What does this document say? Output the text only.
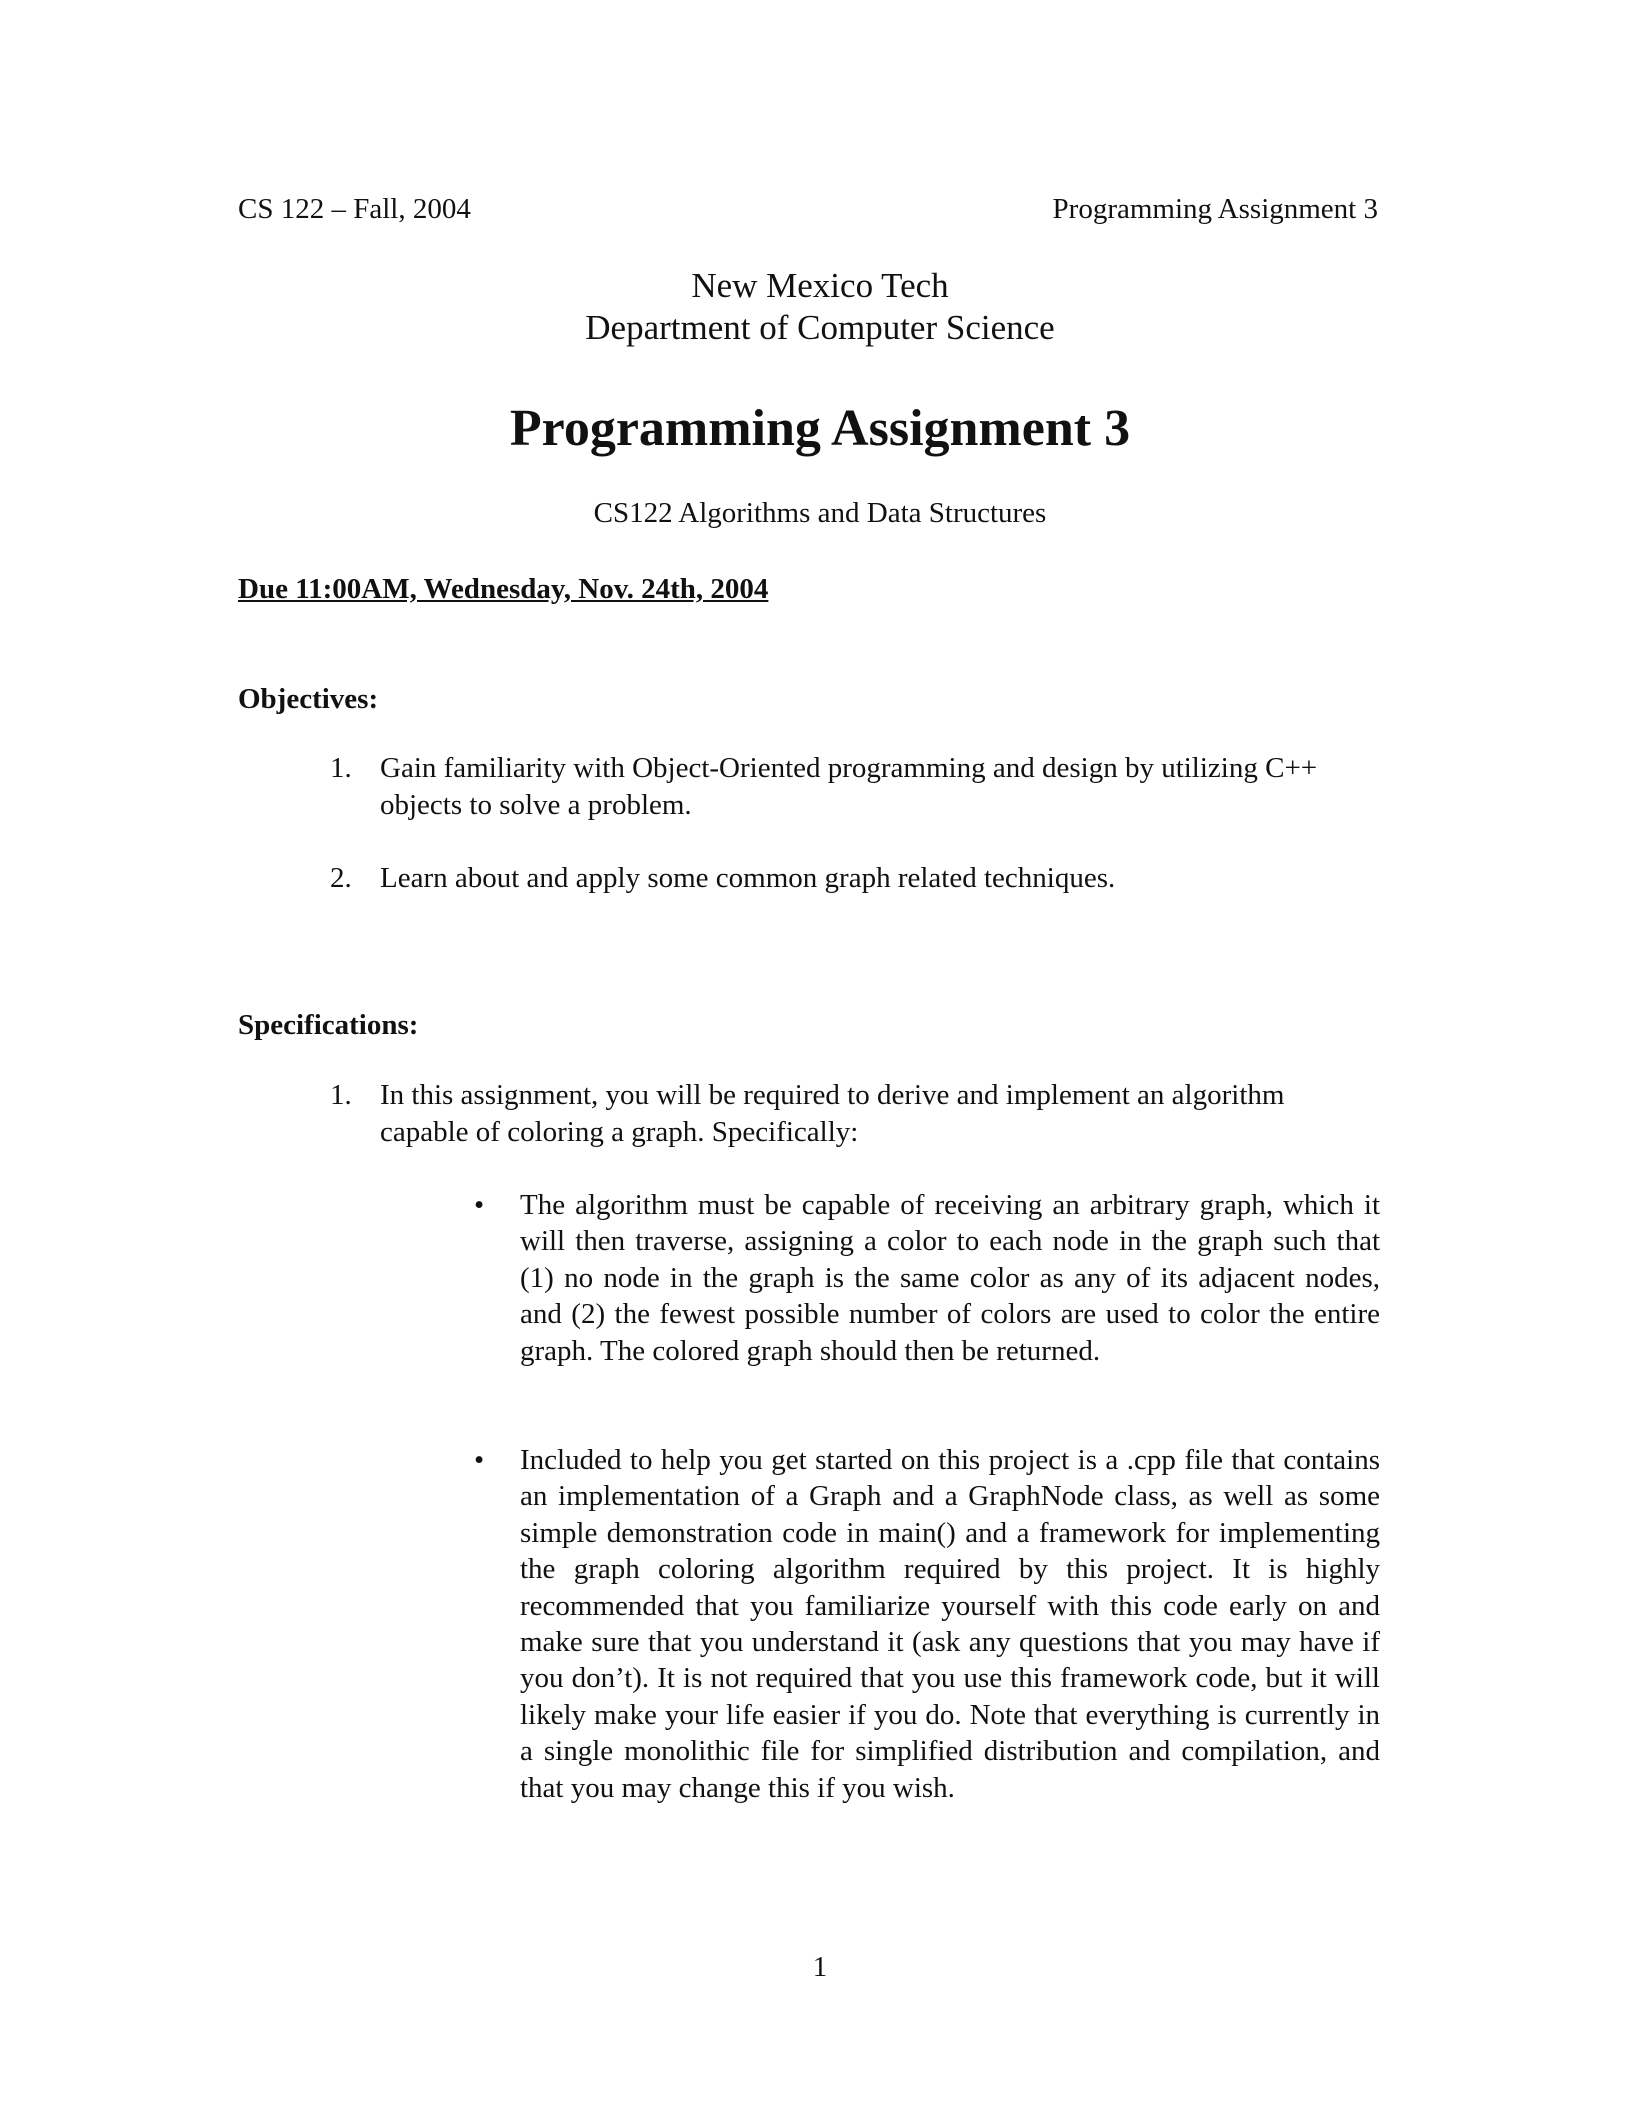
CS 122 – Fall, 2004	Programming Assignment 3
New Mexico Tech
Department of Computer Science
Programming Assignment 3
CS122 Algorithms and Data Structures
Due 11:00AM, Wednesday, Nov. 24th, 2004
Objectives:
1. Gain familiarity with Object-Oriented programming and design by utilizing C++ objects to solve a problem.
2. Learn about and apply some common graph related techniques.
Specifications:
1. In this assignment, you will be required to derive and implement an algorithm capable of coloring a graph. Specifically:
•	The algorithm must be capable of receiving an arbitrary graph, which it will then traverse, assigning a color to each node in the graph such that (1) no node in the graph is the same color as any of its adjacent nodes, and (2) the fewest possible number of colors are used to color the entire graph. The colored graph should then be returned.
•	Included to help you get started on this project is a .cpp file that contains an implementation of a Graph and a GraphNode class, as well as some simple demonstration code in main() and a framework for implementing the graph coloring algorithm required by this project. It is highly recommended that you familiarize yourself with this code early on and make sure that you understand it (ask any questions that you may have if you don’t). It is not required that you use this framework code, but it will likely make your life easier if you do. Note that everything is currently in a single monolithic file for simplified distribution and compilation, and that you may change this if you wish.
1
